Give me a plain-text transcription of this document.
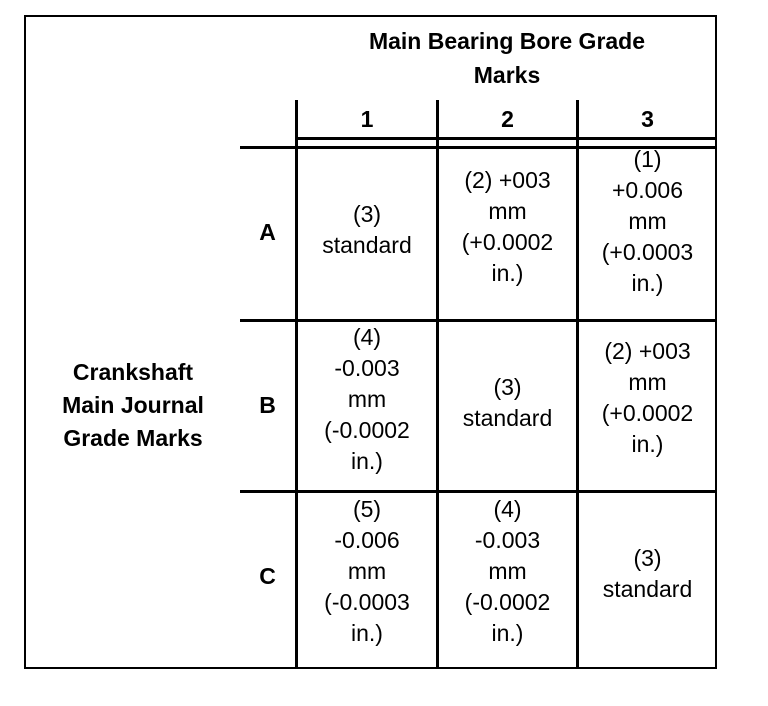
Main Bearing Bore Grade
Marks
1	2	3
Crankshaft
Main Journal
Grade Marks
A
B
C
(3)
standard
(2) +003
mm
(+0.0002
in.)
(1)
+0.006
mm
(+0.0003
in.)
(4)
-0.003
mm
(-0.0002
in.)
(3)
standard
(2) +003
mm
(+0.0002
in.)
(5)
-0.006
mm
(-0.0003
in.)
(4)
-0.003
mm
(-0.0002
in.)
(3)
standard
